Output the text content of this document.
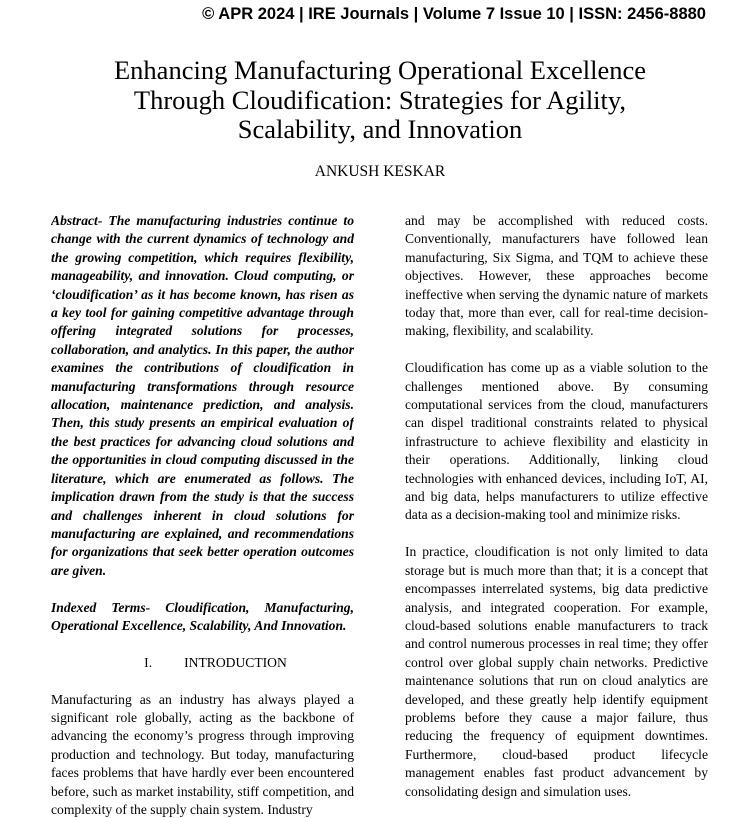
© APR 2024 | IRE Journals | Volume 7 Issue 10 | ISSN: 2456-8880
Enhancing Manufacturing Operational Excellence
Through Cloudification: Strategies for Agility,
Scalability, and Innovation
ANKUSH KESKAR

Abstract- The manufacturing industries continue to change with the current dynamics of technology and the growing competition, which requires flexibility, manageability, and innovation. Cloud computing, or ‘cloudification’ as it has become known, has risen as a key tool for gaining competitive advantage through offering integrated solutions for processes, collaboration, and analytics. In this paper, the author examines the contributions of cloudification in manufacturing transformations through resource allocation, maintenance prediction, and analysis. Then, this study presents an empirical evaluation of the best practices for advancing cloud solutions and the opportunities in cloud computing discussed in the literature, which are enumerated as follows. The implication drawn from the study is that the success and challenges inherent in cloud solutions for manufacturing are explained, and recommendations for organizations that seek better operation outcomes are given.

Indexed Terms- Cloudification, Manufacturing, Operational Excellence, Scalability, And Innovation.

I. INTRODUCTION

Manufacturing as an industry has always played a significant role globally, acting as the backbone of advancing the economy’s progress through improving production and technology. But today, manufacturing faces problems that have hardly ever been encountered before, such as market instability, stiff competition, and complexity of the supply chain system. Industry

and may be accomplished with reduced costs. Conventionally, manufacturers have followed lean manufacturing, Six Sigma, and TQM to achieve these objectives. However, these approaches become ineffective when serving the dynamic nature of markets today that, more than ever, call for real-time decision-making, flexibility, and scalability.

Cloudification has come up as a viable solution to the challenges mentioned above. By consuming computational services from the cloud, manufacturers can dispel traditional constraints related to physical infrastructure to achieve flexibility and elasticity in their operations. Additionally, linking cloud technologies with enhanced devices, including IoT, AI, and big data, helps manufacturers to utilize effective data as a decision-making tool and minimize risks.

In practice, cloudification is not only limited to data storage but is much more than that; it is a concept that encompasses interrelated systems, big data predictive analysis, and integrated cooperation. For example, cloud-based solutions enable manufacturers to track and control numerous processes in real time; they offer control over global supply chain networks. Predictive maintenance solutions that run on cloud analytics are developed, and these greatly help identify equipment problems before they cause a major failure, thus reducing the frequency of equipment downtimes. Furthermore, cloud-based product lifecycle management enables fast product advancement by consolidating design and simulation uses.
